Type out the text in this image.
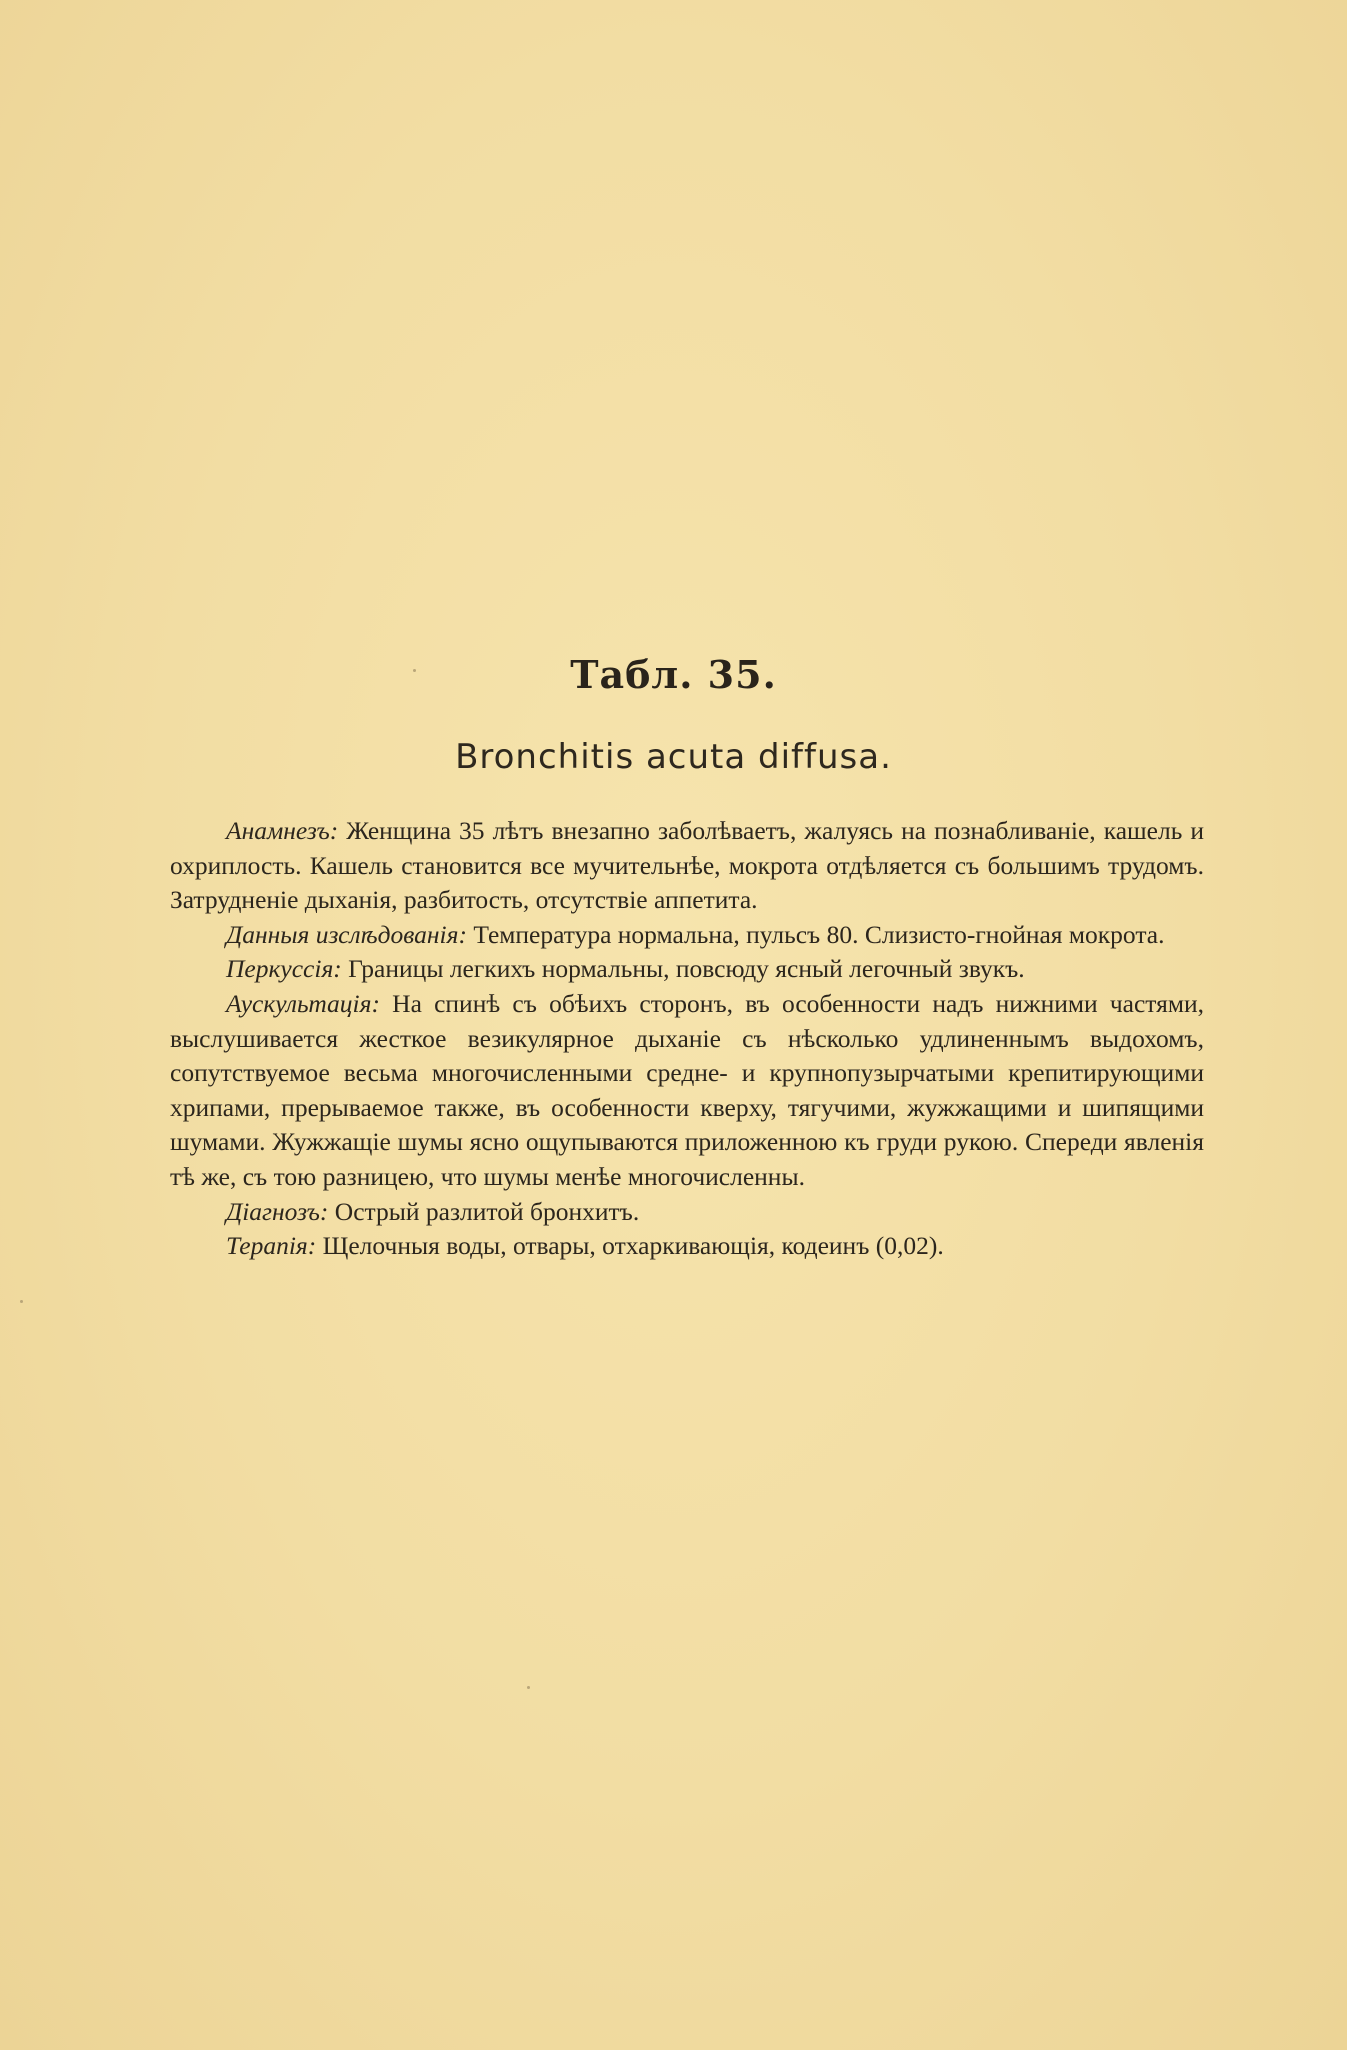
Табл. 35.
Bronchitis acuta diffusa.

Анамнезъ: Женщина 35 лѣтъ внезапно заболѣваетъ, жалуясь на познабливаніе, кашель и охриплость. Кашель становится все мучительнѣе, мокрота отдѣляется съ большимъ трудомъ. Затрудненіе дыханія, разбитость, отсутствіе аппетита.

Данныя изслѣдованія: Температура нормальна, пульсъ 80. Слизисто-гнойная мокрота.

Перкуссія: Границы легкихъ нормальны, повсюду ясный легочный звукъ.

Аускультація: На спинѣ съ обѣихъ сторонъ, въ особенности надъ нижними частями, выслушивается жесткое везикулярное дыханіе съ нѣсколько удлиненнымъ выдохомъ, сопутствуемое весьма многочисленными средне- и крупнопузырчатыми крепитирующими хрипами, прерываемое также, въ особенности кверху, тягучими, жужжащими и шипящими шумами. Жужжащіе шумы ясно ощупываются приложенною къ груди рукою. Спереди явленія тѣ же, съ тою разницею, что шумы менѣе многочисленны.

Діагнозъ: Острый разлитой бронхитъ.

Терапія: Щелочныя воды, отвары, отхаркивающія, кодеинъ (0,02).
